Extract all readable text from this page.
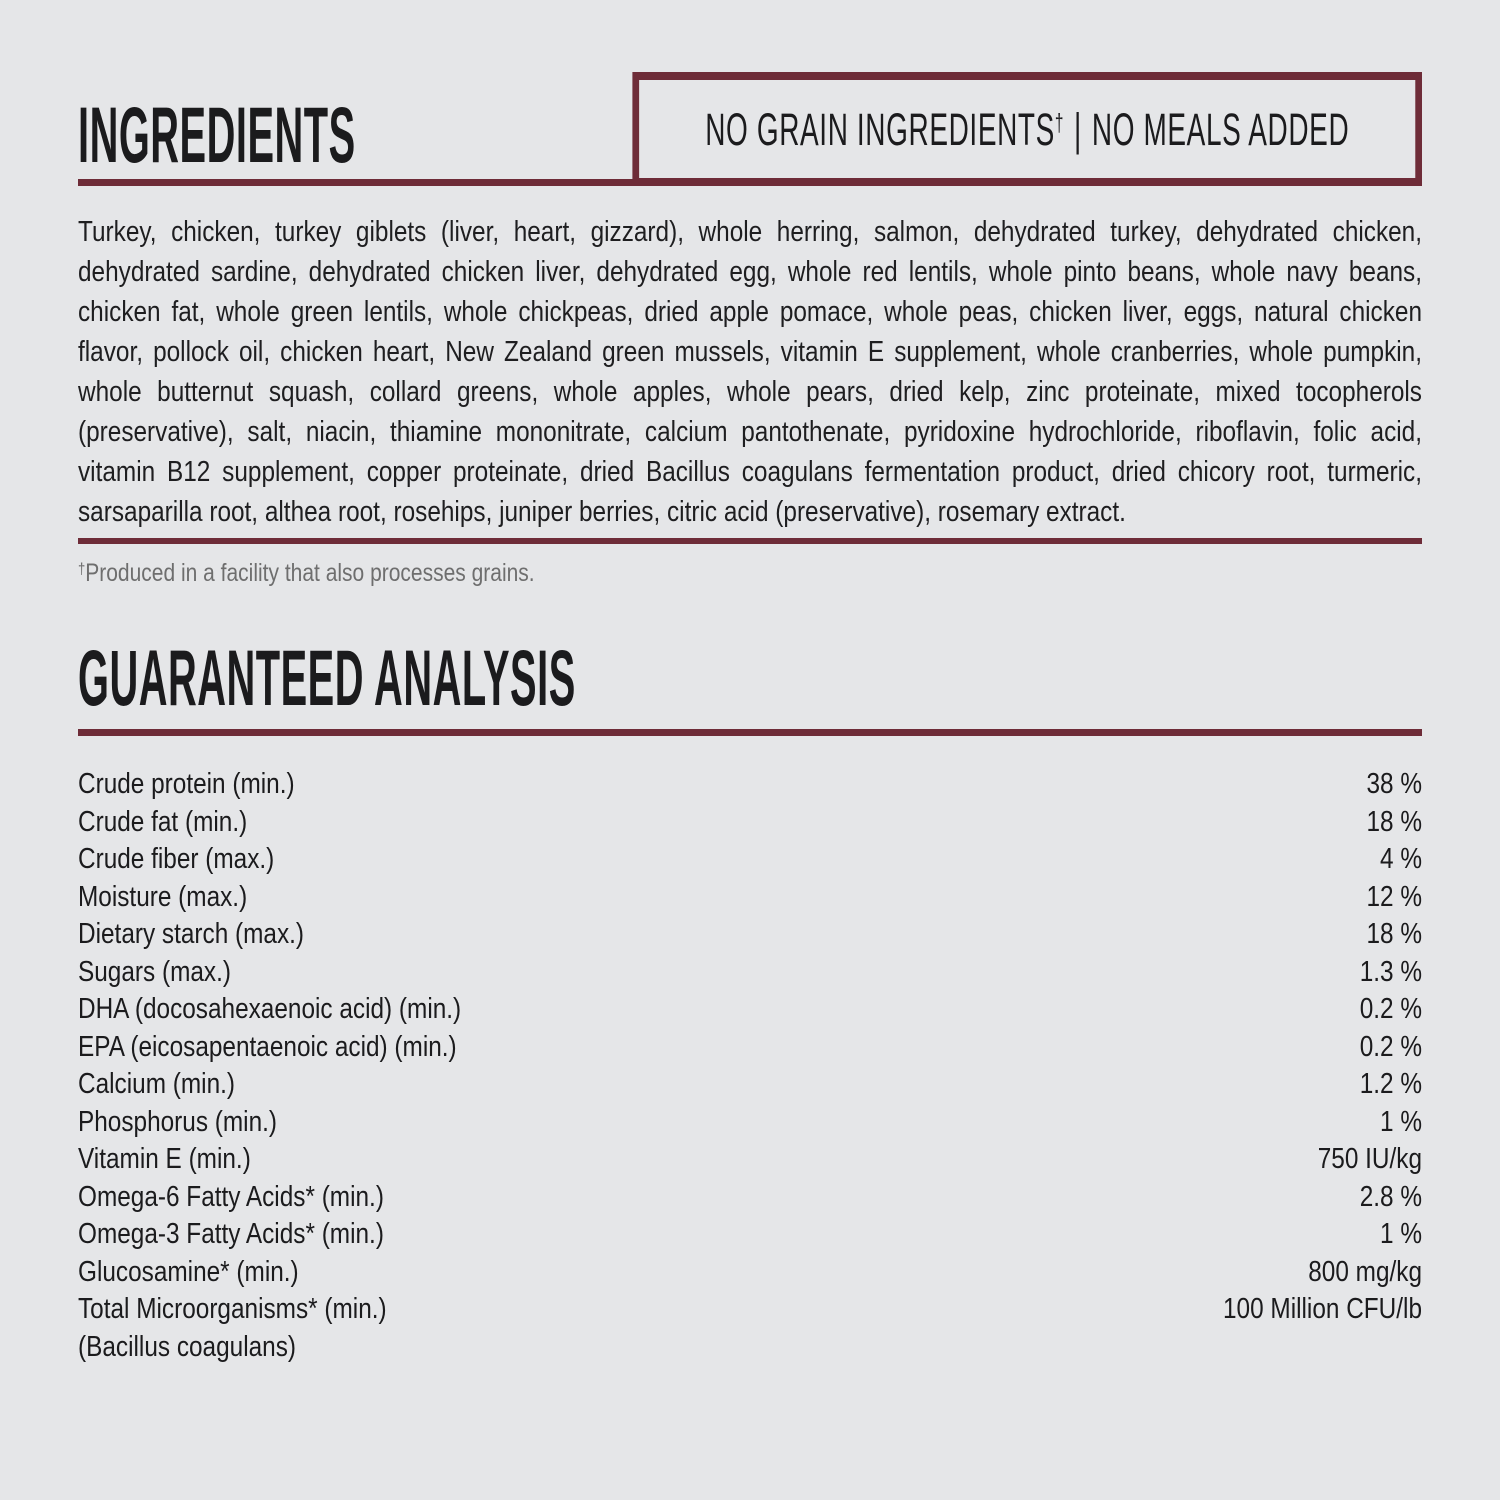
INGREDIENTS	NO GRAIN INGREDIENTS† | NO MEALS ADDED

Turkey, chicken, turkey giblets (liver, heart, gizzard), whole herring, salmon, dehydrated turkey, dehydrated chicken, dehydrated sardine, dehydrated chicken liver, dehydrated egg, whole red lentils, whole pinto beans, whole navy beans, chicken fat, whole green lentils, whole chickpeas, dried apple pomace, whole peas, chicken liver, eggs, natural chicken flavor, pollock oil, chicken heart, New Zealand green mussels, vitamin E supplement, whole cranberries, whole pumpkin, whole butternut squash, collard greens, whole apples, whole pears, dried kelp, zinc proteinate, mixed tocopherols (preservative), salt, niacin, thiamine mononitrate, calcium pantothenate, pyridoxine hydrochloride, riboflavin, folic acid, vitamin B12 supplement, copper proteinate, dried Bacillus coagulans fermentation product, dried chicory root, turmeric, sarsaparilla root, althea root, rosehips, juniper berries, citric acid (preservative), rosemary extract.

†Produced in a facility that also processes grains.

GUARANTEED ANALYSIS
Crude protein (min.)	38 %
Crude fat (min.)	18 %
Crude fiber (max.)	4 %
Moisture (max.)	12 %
Dietary starch (max.)	18 %
Sugars (max.)	1.3 %
DHA (docosahexaenoic acid) (min.)	0.2 %
EPA (eicosapentaenoic acid) (min.)	0.2 %
Calcium (min.)	1.2 %
Phosphorus (min.)	1 %
Vitamin E (min.)	750 IU/kg
Omega-6 Fatty Acids* (min.)	2.8 %
Omega-3 Fatty Acids* (min.)	1 %
Glucosamine* (min.)	800 mg/kg
Total Microorganisms* (min.)	100 Million CFU/lb
(Bacillus coagulans)
